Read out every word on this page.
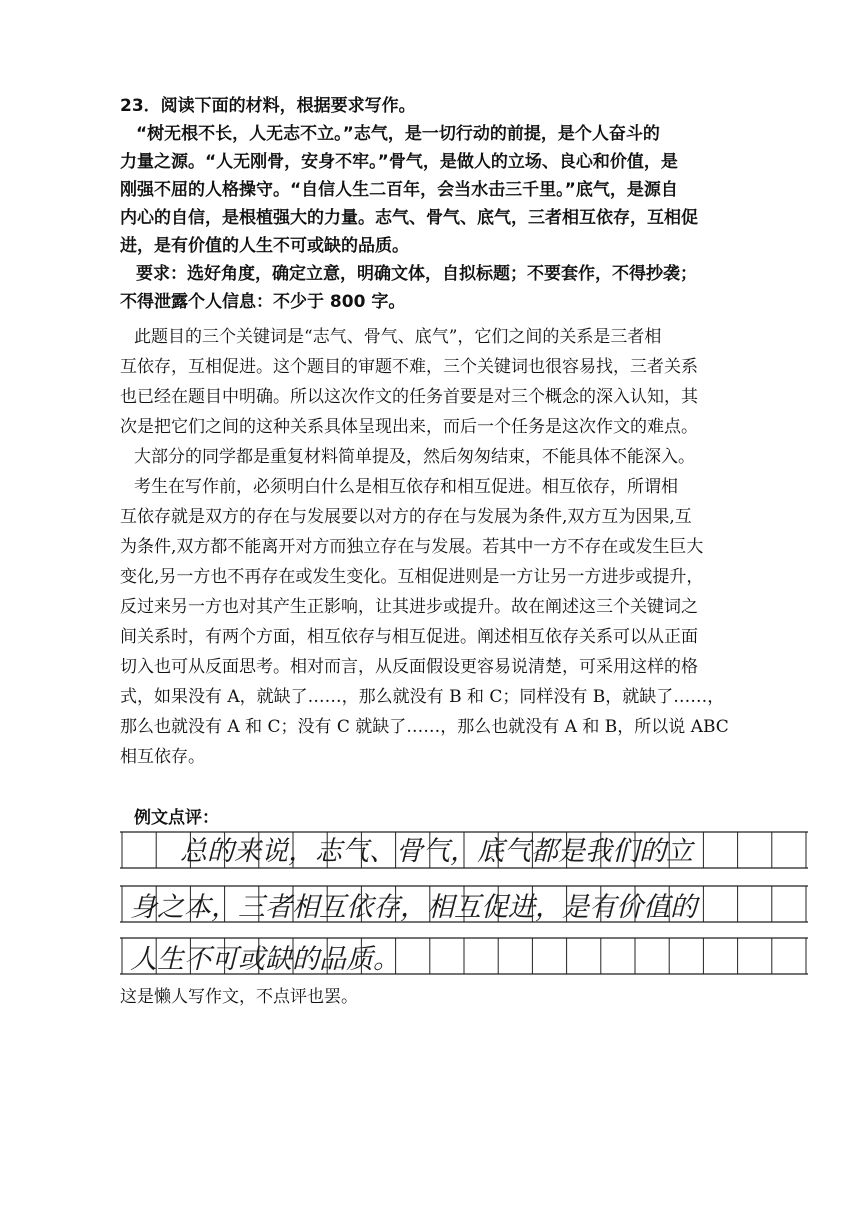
23．阅读下面的材料，根据要求写作。
“树无根不长，人无志不立。”志气，是一切行动的前提，是个人奋斗的
力量之源。“人无刚骨，安身不牢。”骨气，是做人的立场、良心和价值，是
刚强不屈的人格操守。“自信人生二百年，会当水击三千里。”底气，是源自
内心的自信，是根植强大的力量。志气、骨气、底气，三者相互依存，互相促
进，是有价值的人生不可或缺的品质。
要求：选好角度，确定立意，明确文体，自拟标题；不要套作，不得抄袭；
不得泄露个人信息：不少于 800 字。
此题目的三个关键词是“志气、骨气、底气”，它们之间的关系是三者相
互依存，互相促进。这个题目的审题不难，三个关键词也很容易找，三者关系
也已经在题目中明确。所以这次作文的任务首要是对三个概念的深入认知，其
次是把它们之间的这种关系具体呈现出来，而后一个任务是这次作文的难点。
大部分的同学都是重复材料简单提及，然后匆匆结束，不能具体不能深入。
考生在写作前，必须明白什么是相互依存和相互促进。相互依存，所谓相
互依存就是双方的存在与发展要以对方的存在与发展为条件,双方互为因果,互
为条件,双方都不能离开对方而独立存在与发展。若其中一方不存在或发生巨大
变化,另一方也不再存在或发生变化。互相促进则是一方让另一方进步或提升，
反过来另一方也对其产生正影响，让其进步或提升。故在阐述这三个关键词之
间关系时，有两个方面，相互依存与相互促进。阐述相互依存关系可以从正面
切入也可从反面思考。相对而言，从反面假设更容易说清楚，可采用这样的格
式，如果没有 A，就缺了……，那么就没有 B 和 C；同样没有 B，就缺了……，
那么也就没有 A 和 C；没有 C 就缺了……，那么也就没有 A 和 B，所以说 ABC
相互依存。
例文点评：
总的来说，志气、骨气，底气都是我们的立
身之本，三者相互依存，相互促进，是有价值的
人生不可或缺的品质。
这是懒人写作文，不点评也罢。
